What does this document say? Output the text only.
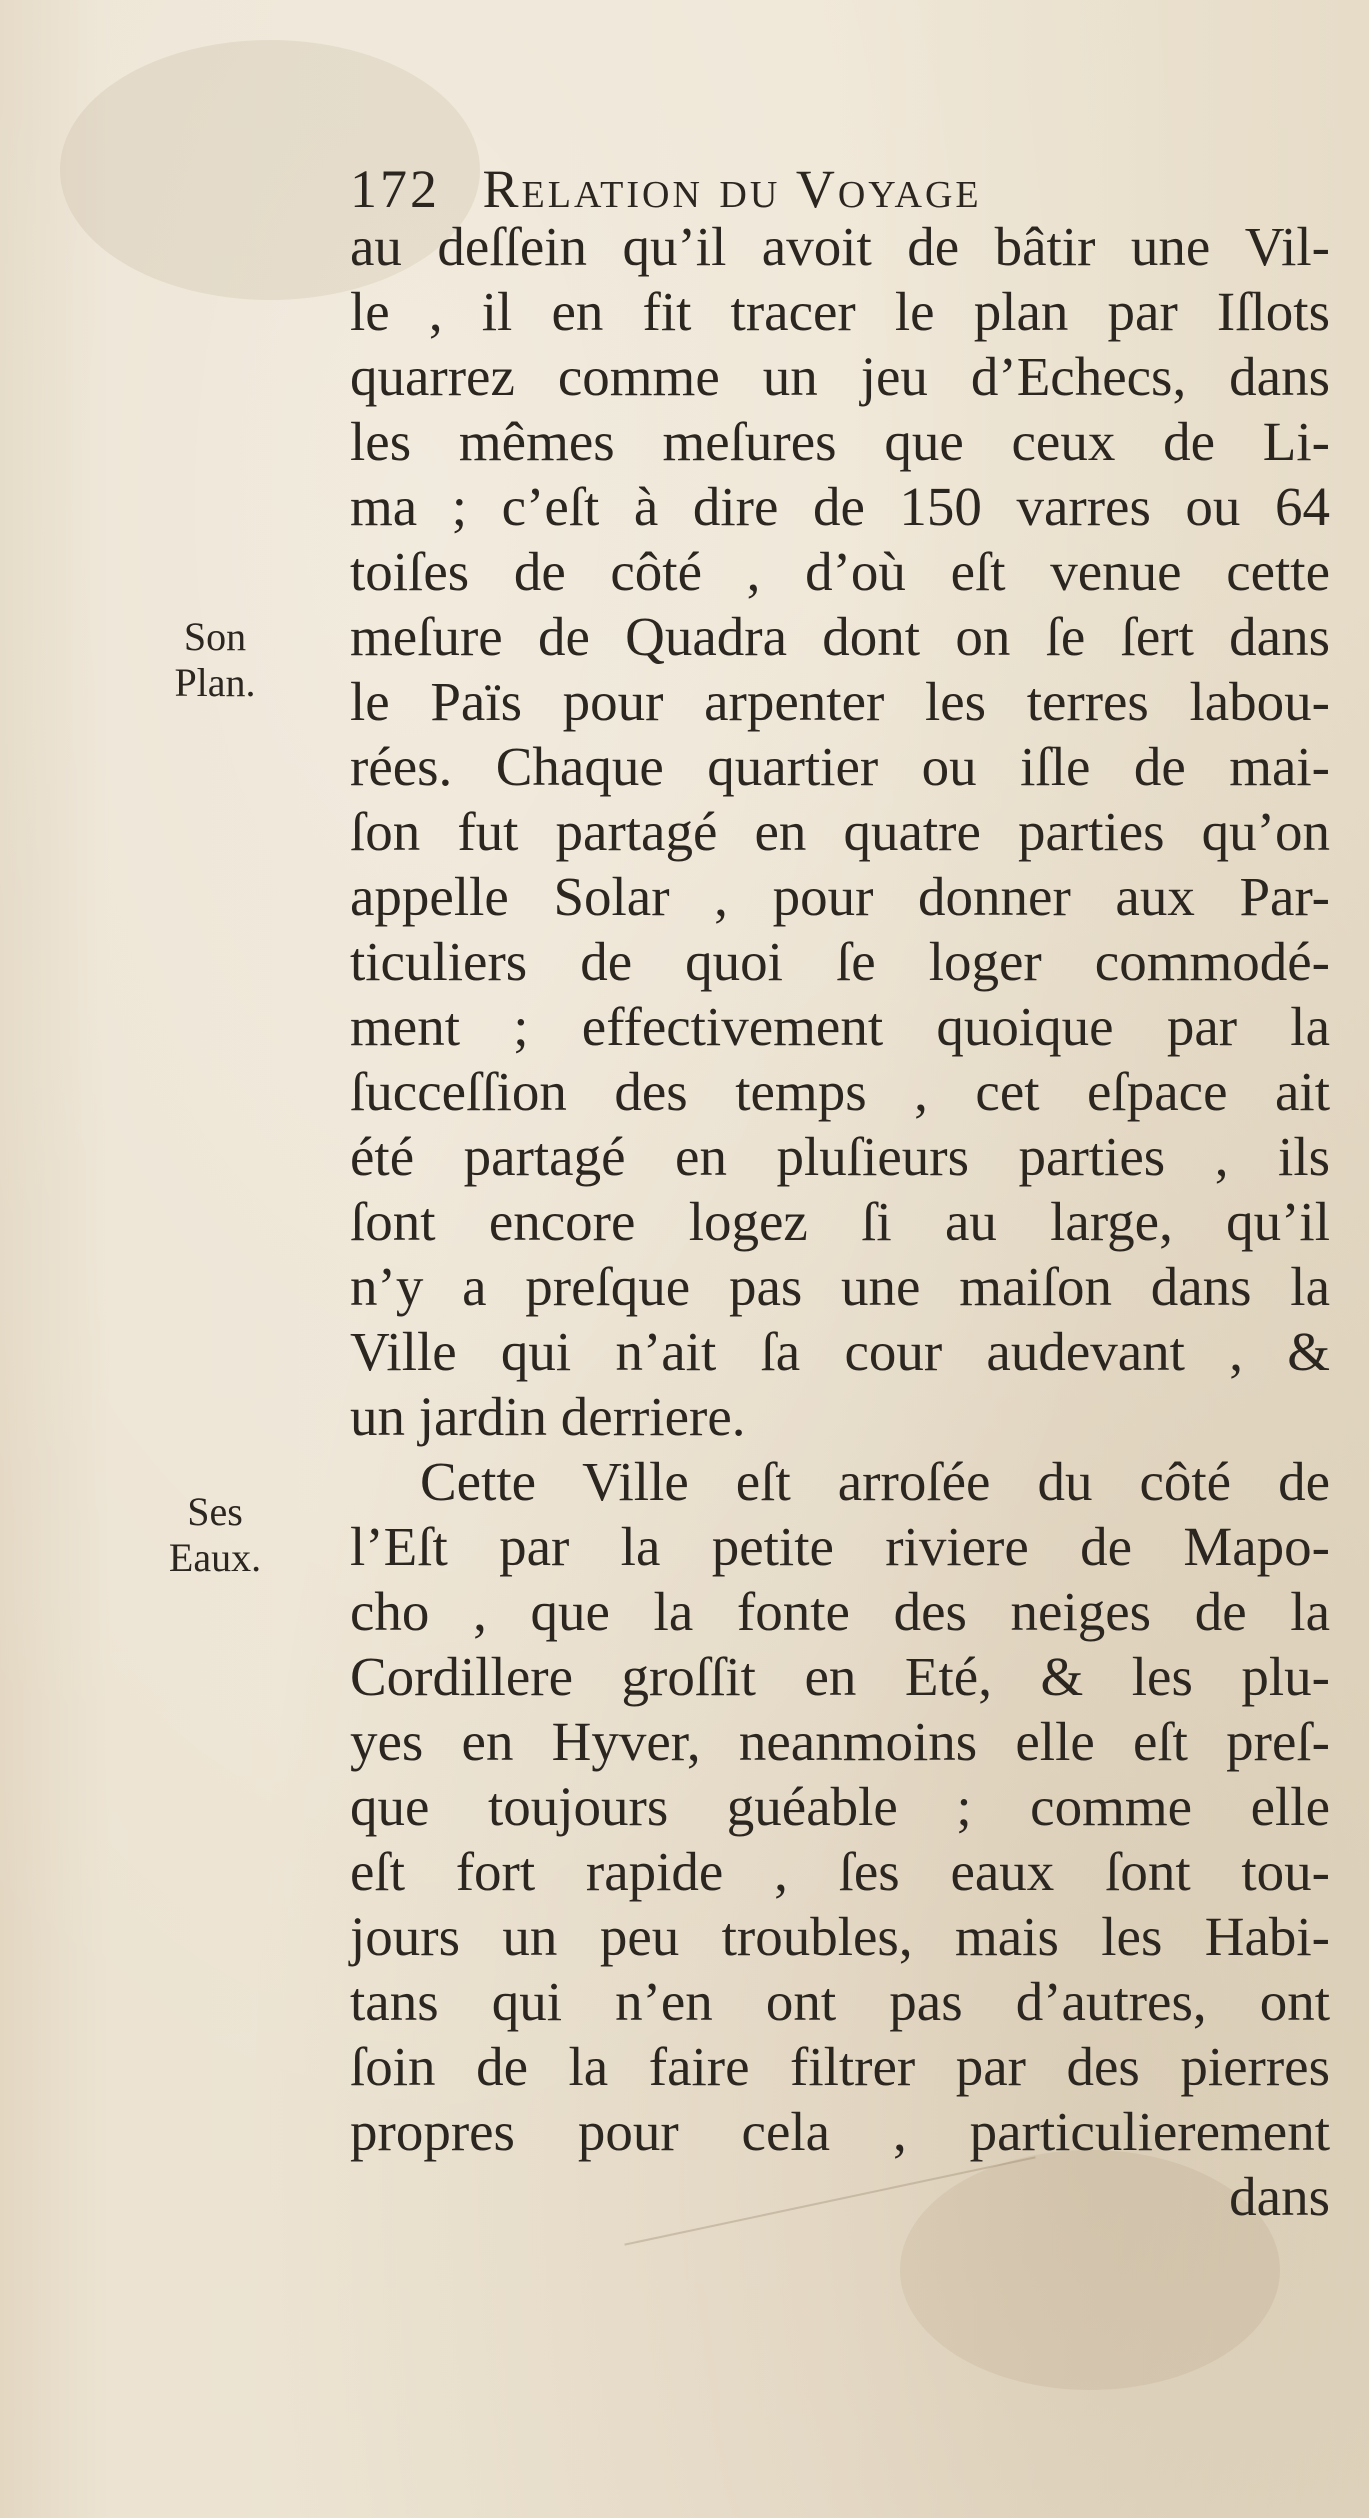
172 Relation du Voyage
Son
Plan.
Ses
Eaux.
au deſſein qu’il avoit de bâtir une Vil-
le , il en fit tracer le plan par Iſlots
quarrez comme un jeu d’Echecs, dans
les mêmes meſures que ceux de Li-
ma ; c’eſt à dire de 150 varres ou 64
toiſes de côté , d’où eſt venue cette
meſure de Quadra dont on ſe ſert dans
le Païs pour arpenter les terres labou-
rées. Chaque quartier ou iſle de mai-
ſon fut partagé en quatre parties qu’on
appelle Solar , pour donner aux Par-
ticuliers de quoi ſe loger commodé-
ment ; effectivement quoique par la
ſucceſſion des temps , cet eſpace ait
été partagé en pluſieurs parties , ils
ſont encore logez ſi au large, qu’il
n’y a preſque pas une maiſon dans la
Ville qui n’ait ſa cour audevant , &
un jardin derriere.
Cette Ville eſt arroſée du côté de
l’Eſt par la petite riviere de Mapo-
cho , que la fonte des neiges de la
Cordillere groſſit en Eté, & les plu-
yes en Hyver, neanmoins elle eſt preſ-
que toujours guéable ; comme elle
eſt fort rapide , ſes eaux ſont tou-
jours un peu troubles, mais les Habi-
tans qui n’en ont pas d’autres, ont
ſoin de la faire filtrer par des pierres
propres pour cela , particulierement
dans
